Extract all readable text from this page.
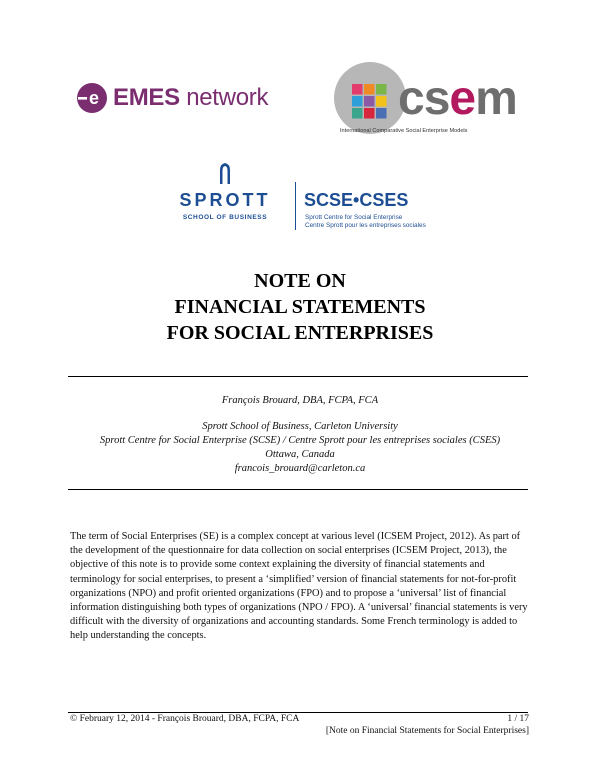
e EMES network	csem
International Comparative Social Enterprise Models
SPROTT
SCHOOL OF BUSINESS
SCSE•CSES
Sprott Centre for Social Enterprise
Centre Sprott pour les entreprises sociales
NOTE ON
FINANCIAL STATEMENTS
FOR SOCIAL ENTERPRISES
François Brouard, DBA, FCPA, FCA
Sprott School of Business, Carleton University
Sprott Centre for Social Enterprise (SCSE) / Centre Sprott pour les entreprises sociales (CSES)
Ottawa, Canada
francois_brouard@carleton.ca
The term of Social Enterprises (SE) is a complex concept at various level (ICSEM Project, 2012). As part of the development of the questionnaire for data collection on social enterprises (ICSEM Project, 2013), the objective of this note is to provide some context explaining the diversity of financial statements and terminology for social enterprises, to present a ‘simplified’ version of financial statements for not-for-profit organizations (NPO) and profit oriented organizations (FPO) and to propose a ‘universal’ list of financial information distinguishing both types of organizations (NPO / FPO). A ‘universal’ financial statements is very difficult with the diversity of organizations and accounting standards. Some French terminology is added to help understanding the concepts.
© February 12, 2014 - François Brouard, DBA, FCPA, FCA	1 / 17
[Note on Financial Statements for Social Enterprises]
